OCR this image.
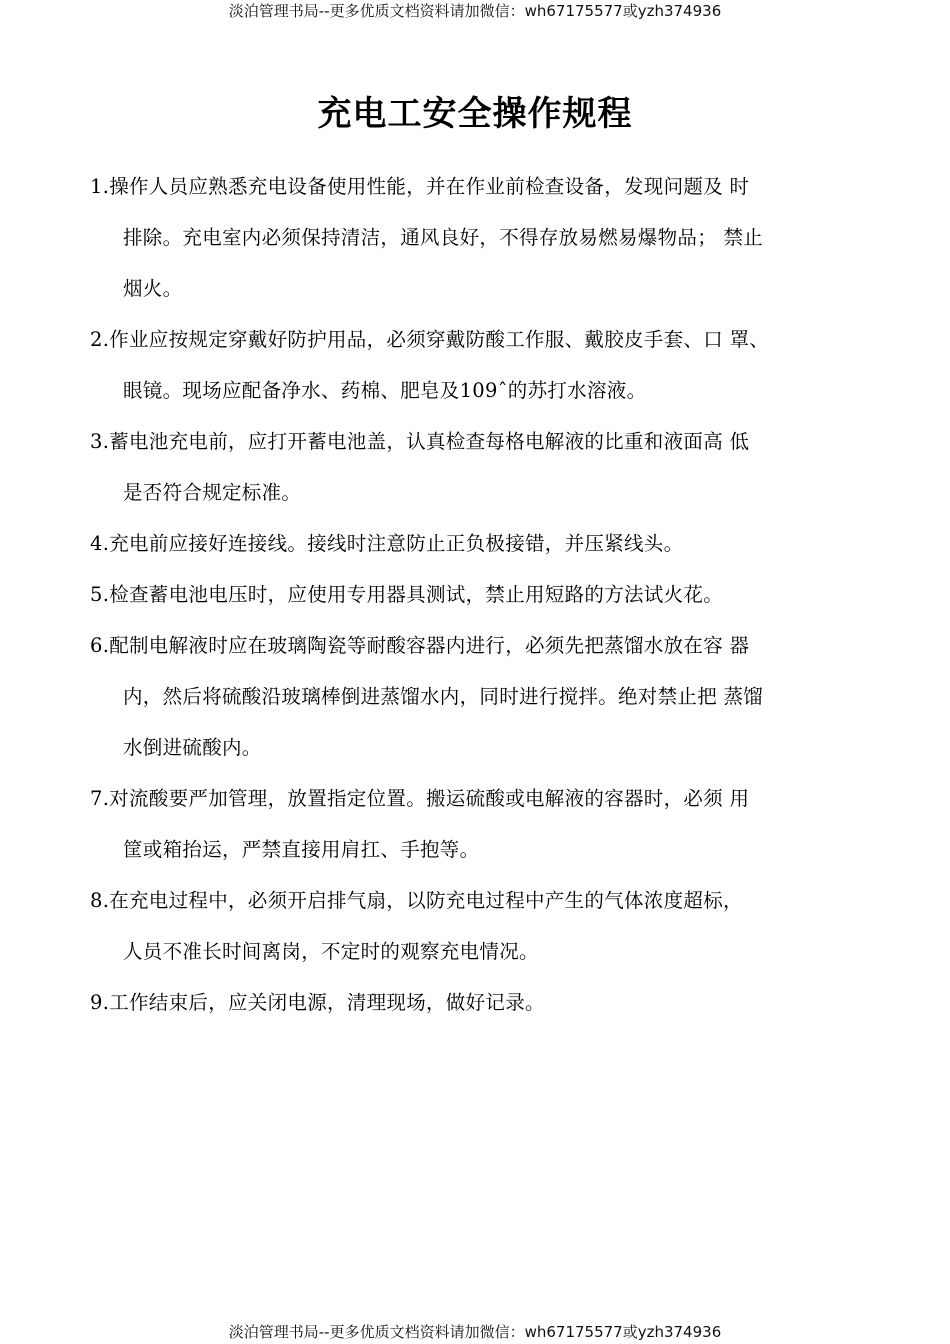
淡泊管理书局--更多优质文档资料请加微信：wh67175577或yzh374936
充电工安全操作规程
1.操作人员应熟悉充电设备使用性能，并在作业前检查设备，发现问题及 时
排除。充电室内必须保持清洁，通风良好，不得存放易燃易爆物品； 禁止
烟火。
2.作业应按规定穿戴好防护用品，必须穿戴防酸工作服、戴胶皮手套、口 罩、
眼镜。现场应配备净水、药棉、肥皂及109ˆ的苏打水溶液。
3.蓄电池充电前，应打开蓄电池盖，认真检查每格电解液的比重和液面高 低
是否符合规定标准。
4.充电前应接好连接线。接线时注意防止正负极接错，并压紧线头。
5.检查蓄电池电压时，应使用专用器具测试，禁止用短路的方法试火花。
6.配制电解液时应在玻璃陶瓷等耐酸容器内进行，必须先把蒸馏水放在容 器
内，然后将硫酸沿玻璃棒倒进蒸馏水内，同时进行搅拌。绝对禁止把 蒸馏
水倒进硫酸内。
7.对流酸要严加管理，放置指定位置。搬运硫酸或电解液的容器时，必须 用
筐或箱抬运，严禁直接用肩扛、手抱等。
8.在充电过程中，必须开启排气扇，以防充电过程中产生的气体浓度超标，
人员不准长时间离岗，不定时的观察充电情况。
9.工作结束后，应关闭电源，清理现场，做好记录。
淡泊管理书局--更多优质文档资料请加微信：wh67175577或yzh374936
